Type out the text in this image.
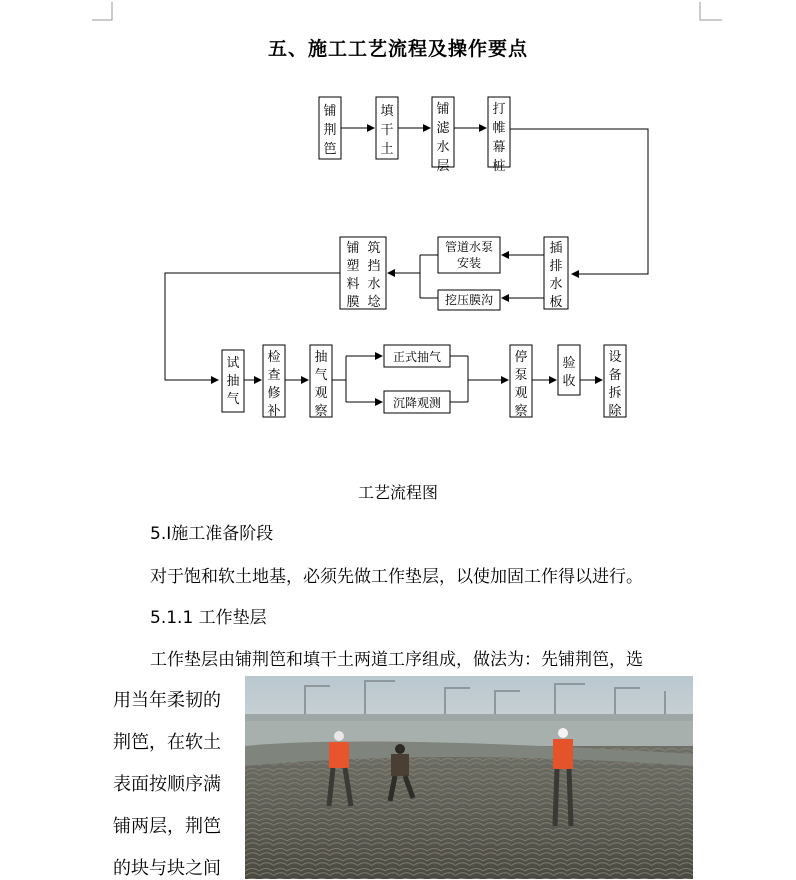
五、施工工艺流程及操作要点
铺
荆
笆
填
干
土
铺
滤
水
层
打
帷
幕
桩
插
排
水
板
筑
挡
水
埝
铺
塑
料
膜
试
抽
气
检
查
修
补
抽
气
观
察
停
泵
观
察
验
收
设
备
拆
除
管道水泵
安装
挖压膜沟
正式抽气
沉降观测
工艺流程图
5.Ⅰ施工准备阶段
对于饱和软土地基，必须先做工作垫层，以使加固工作得以进行。
5.1.1 工作垫层
工作垫层由铺荆笆和填干土两道工序组成，做法为：先铺荆笆，选
用当年柔韧的
荆笆，在软土
表面按顺序满
铺两层，荆笆
的块与块之间
